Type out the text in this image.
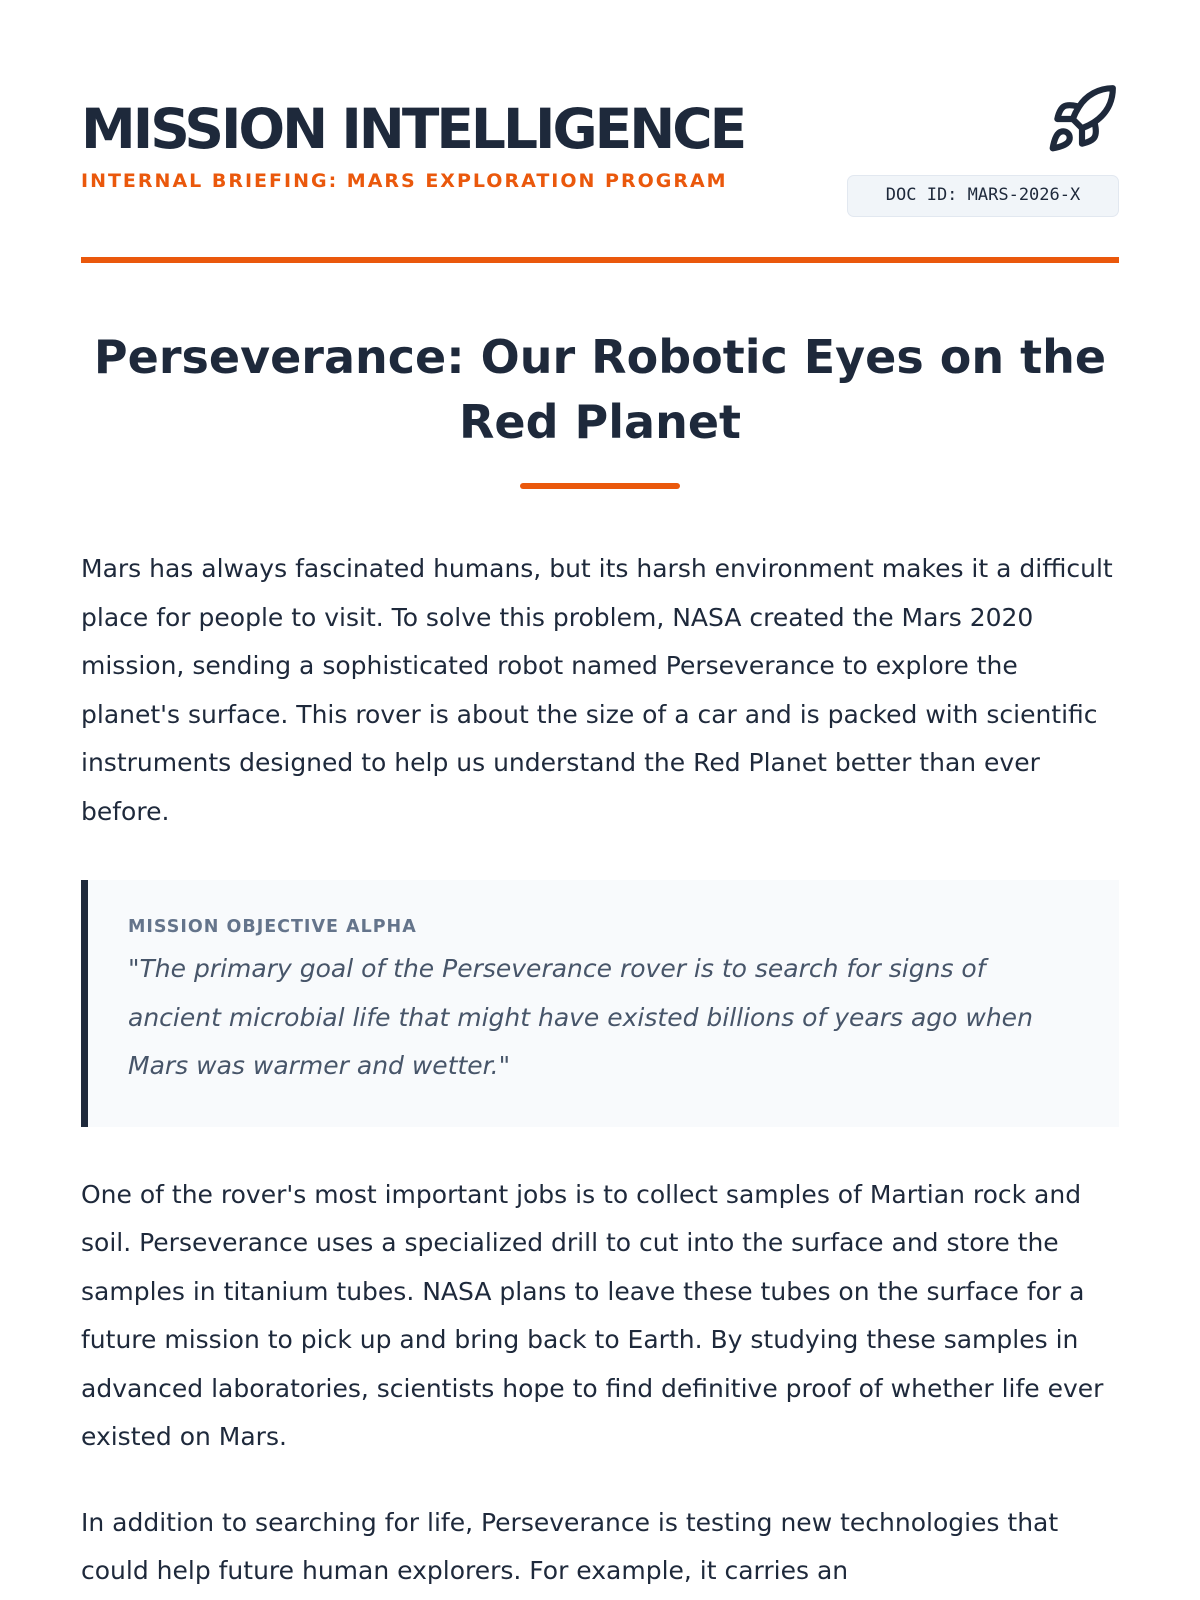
MISSION INTELLIGENCE
INTERNAL BRIEFING: MARS EXPLORATION PROGRAM
DOC ID: MARS-2026-X
Perseverance: Our Robotic Eyes on the Red Planet

Mars has always fascinated humans, but its harsh environment makes it a difficult place for people to visit. To solve this problem, NASA created the Mars 2020 mission, sending a sophisticated robot named Perseverance to explore the planet's surface. This rover is about the size of a car and is packed with scientific instruments designed to help us understand the Red Planet better than ever before.

MISSION OBJECTIVE ALPHA

"The primary goal of the Perseverance rover is to search for signs of ancient microbial life that might have existed billions of years ago when Mars was warmer and wetter."

One of the rover's most important jobs is to collect samples of Martian rock and soil. Perseverance uses a specialized drill to cut into the surface and store the samples in titanium tubes. NASA plans to leave these tubes on the surface for a future mission to pick up and bring back to Earth. By studying these samples in advanced laboratories, scientists hope to find definitive proof of whether life ever existed on Mars.

In addition to searching for life, Perseverance is testing new technologies that could help future human explorers. For example, it carries an
